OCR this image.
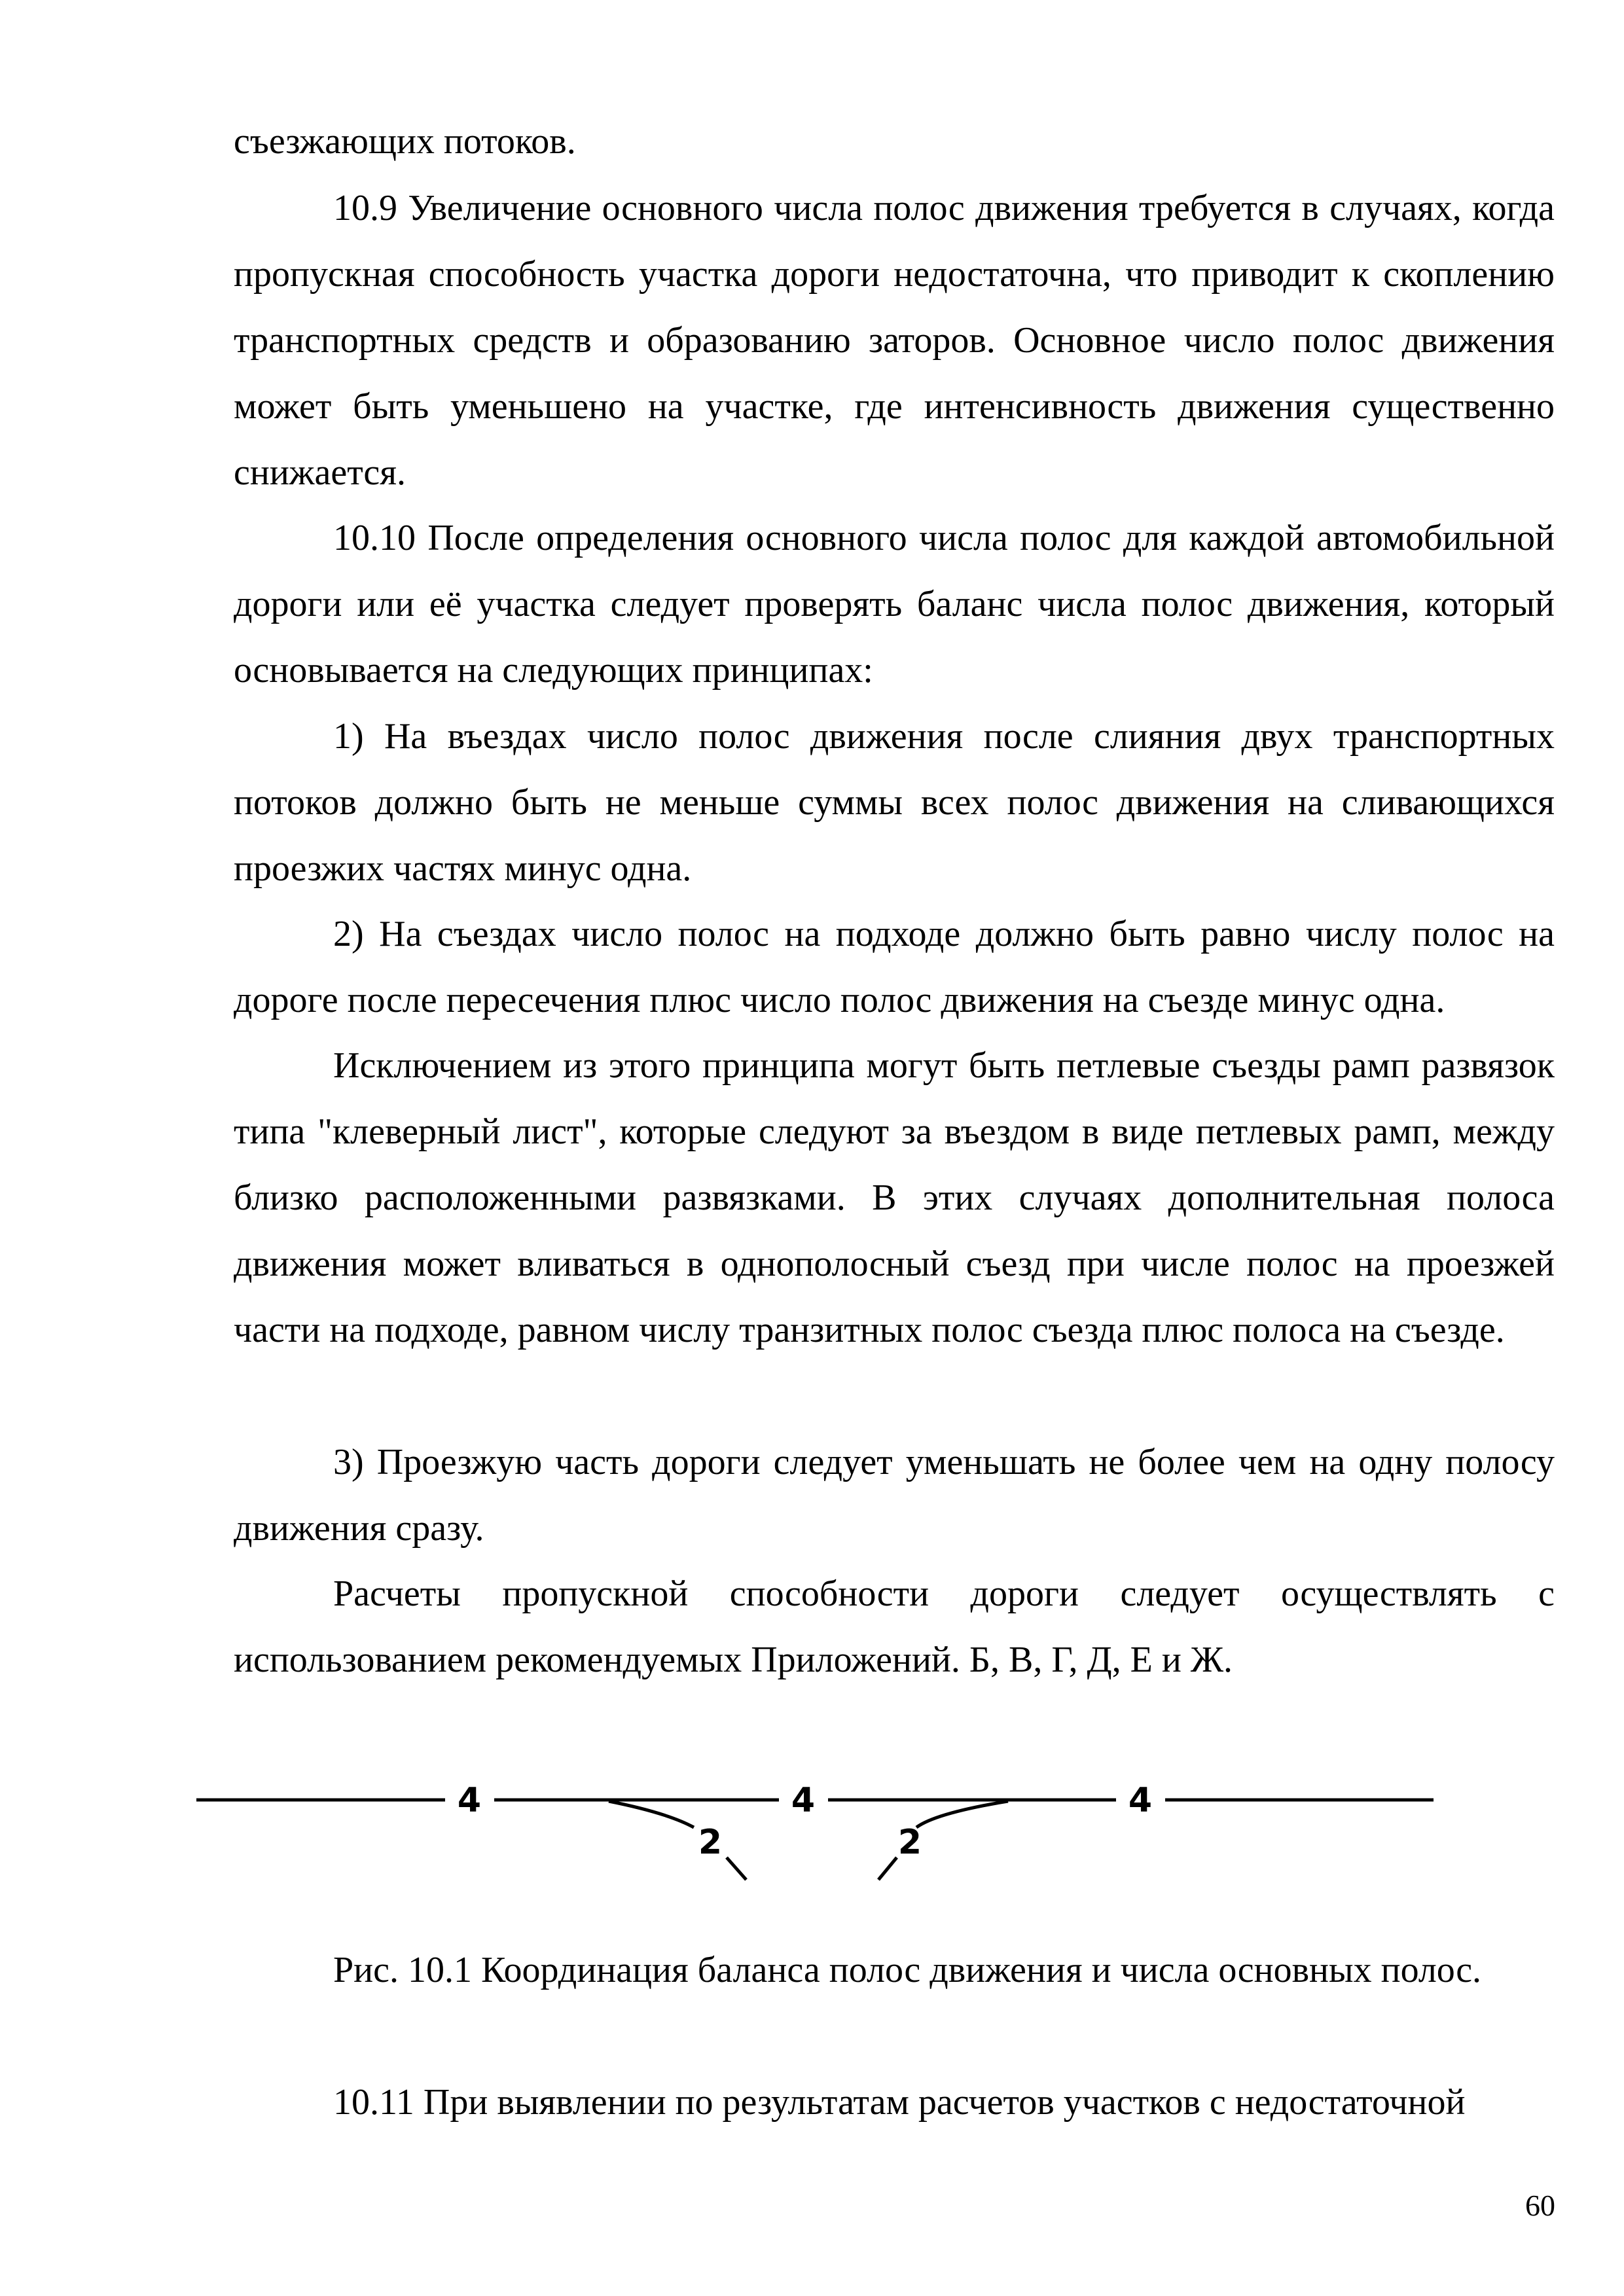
съезжающих потоков.

10.9 Увеличение основного числа полос движения требуется в случаях, когда пропускная способность участка дороги недостаточна, что приводит к скоплению транспортных средств и образованию заторов. Основное число полос движения может быть уменьшено на участке, где интенсивность движения существенно снижается.

10.10 После определения основного числа полос для каждой автомобильной дороги или её участка следует проверять баланс числа полос движения, который основывается на следующих принципах:

1) На въездах число полос движения после слияния двух транспортных потоков должно быть не меньше суммы всех полос движения на сливающихся проезжих частях минус одна.

2) На съездах число полос на подходе должно быть равно числу полос на дороге после пересечения плюс число полос движения на съезде минус одна.

Исключением из этого принципа могут быть петлевые съезды рамп развязок типа "клеверный лист", которые следуют за въездом в виде петлевых рамп, между близко расположенными развязками. В этих случаях дополнительная полоса движения может вливаться в однополосный съезд при числе полос на проезжей части на подходе, равном числу транзитных полос съезда плюс полоса на съезде.

3) Проезжую часть дороги следует уменьшать не более чем на одну полосу движения сразу.

Расчеты пропускной способности дороги следует осуществлять с использованием рекомендуемых Приложений. Б, В, Г, Д, Е и Ж.

4	4	4
2	2

Рис. 10.1 Координация баланса полос движения и числа основных полос.

10.11 При выявлении по результатам расчетов участков с недостаточной

60
